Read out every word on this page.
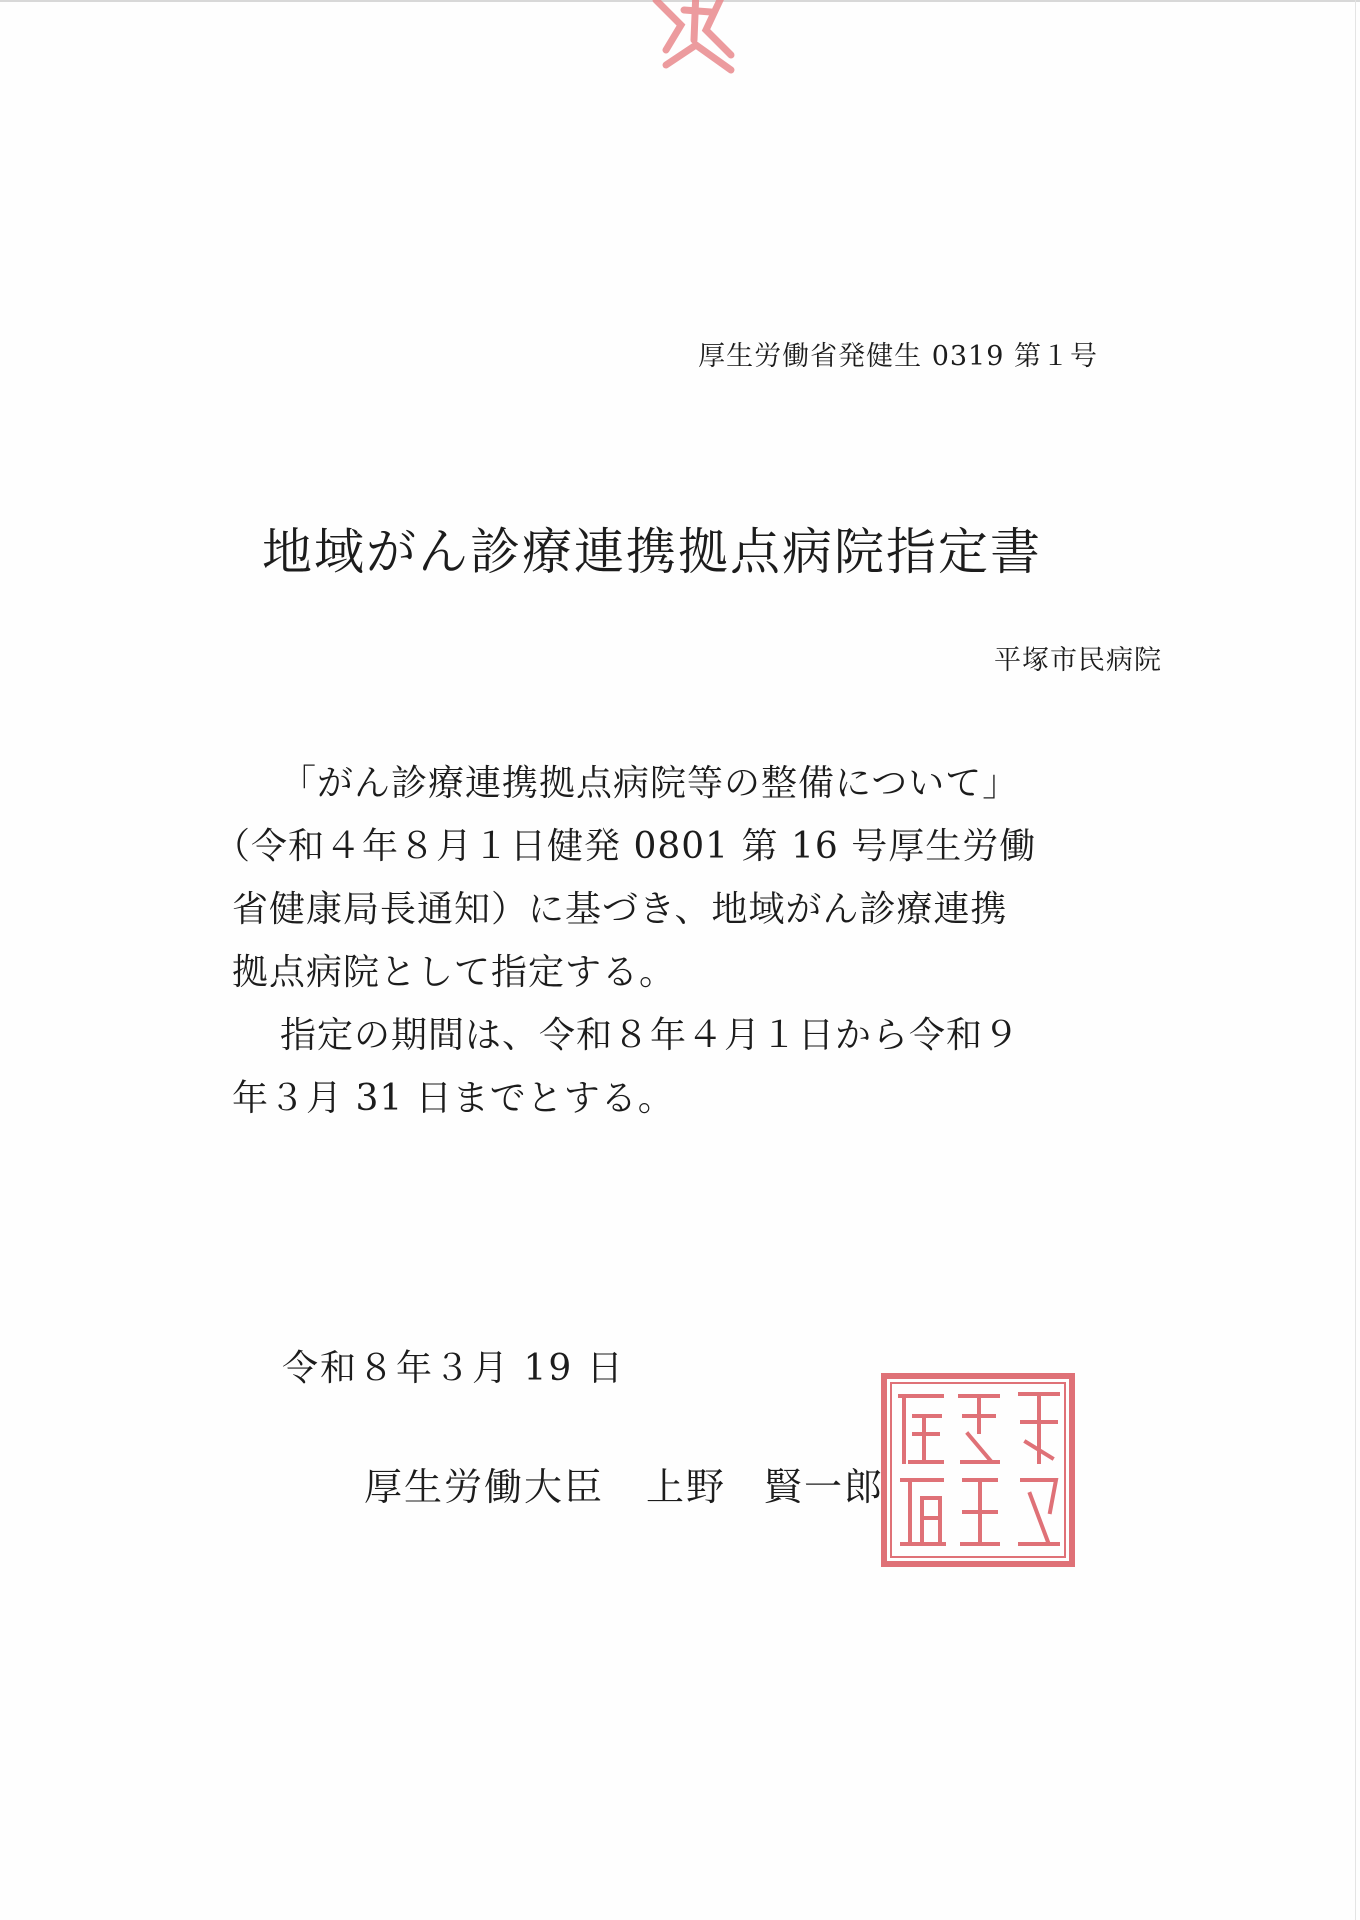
厚生労働省発健生 0319 第１号
地域がん診療連携拠点病院指定書
平塚市民病院
「がん診療連携拠点病院等の整備について」
（令和４年８月１日健発 0801 第 16 号厚生労働
省健康局長通知）に基づき、地域がん診療連携
拠点病院として指定する。
指定の期間は、令和８年４月１日から令和９
年３月 31 日までとする。
令和８年３月 19 日
厚生労働大臣 上野 賢一郎
